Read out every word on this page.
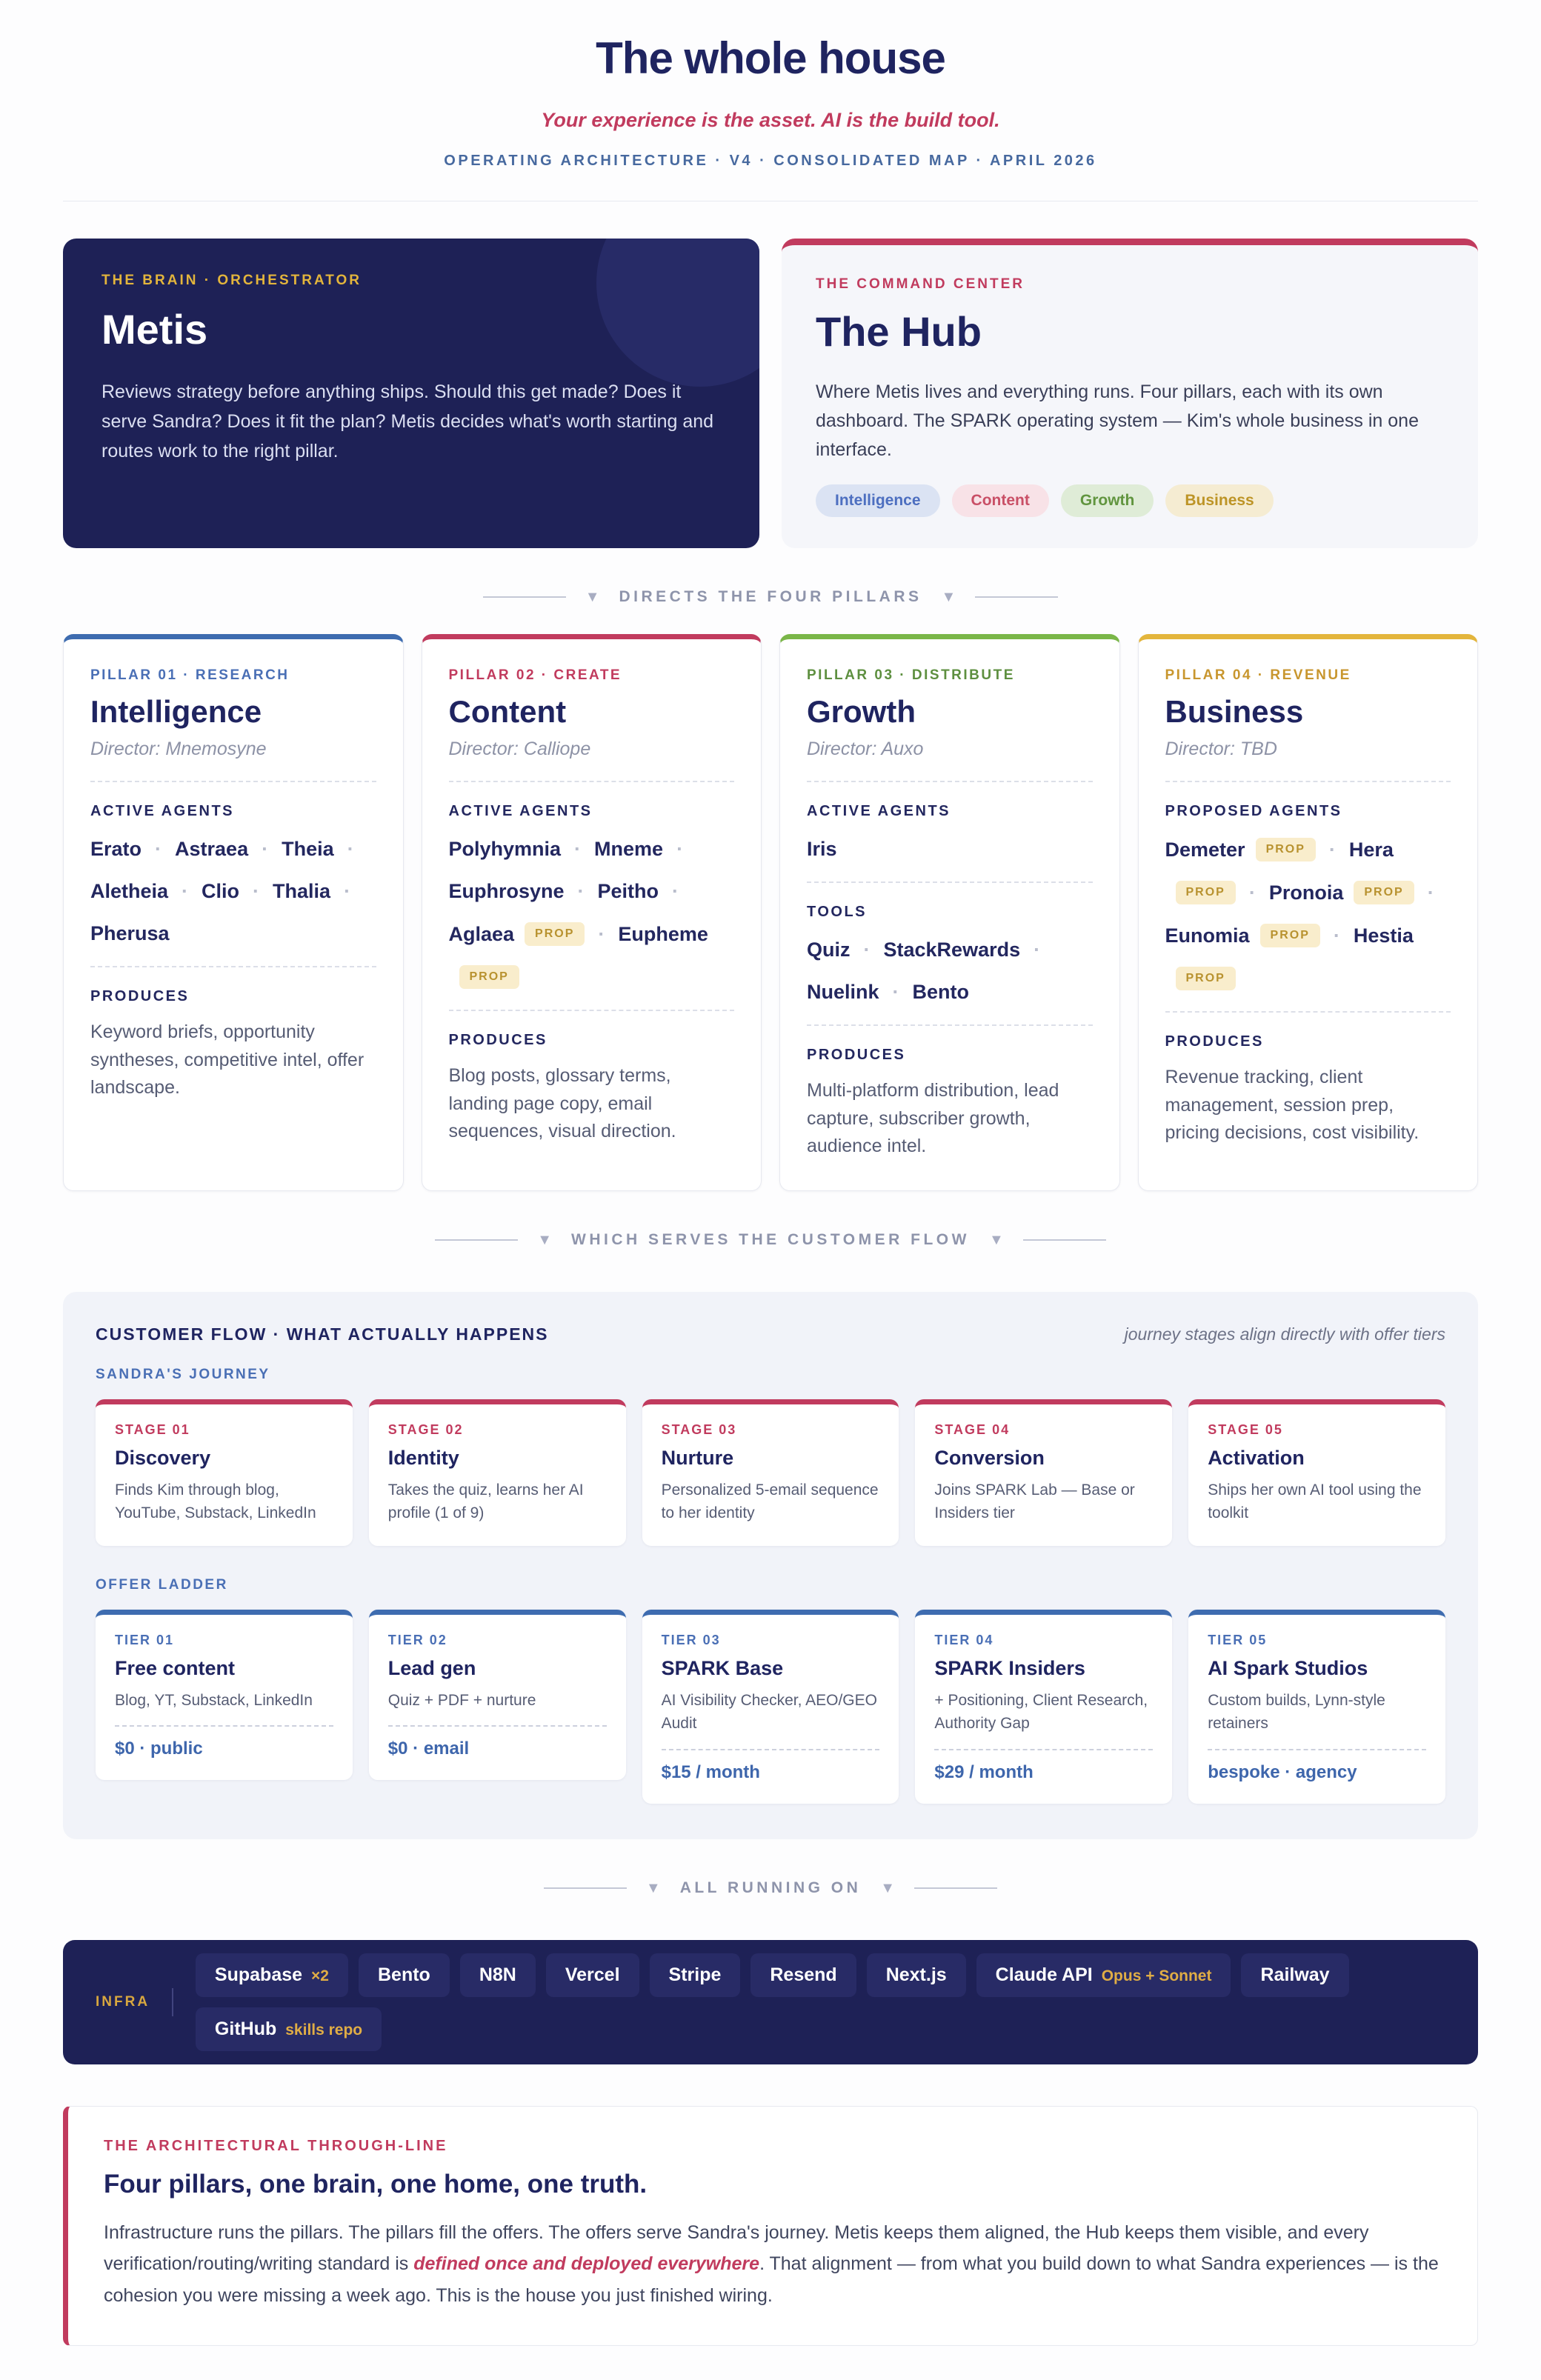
The whole house
Your experience is the asset. AI is the build tool.
OPERATING ARCHITECTURE · V4 · CONSOLIDATED MAP · APRIL 2026
THE BRAIN · ORCHESTRATOR
Metis

Reviews strategy before anything ships. Should this get made? Does it serve Sandra? Does it fit the plan? Metis decides what's worth starting and routes work to the right pillar.

THE COMMAND CENTER
The Hub

Where Metis lives and everything runs. Four pillars, each with its own dashboard. The SPARK operating system — Kim's whole business in one interface.

Intelligence	Content	Growth	Business
▼ DIRECTS THE FOUR PILLARS ▼
PILLAR 01 · RESEARCH
Intelligence
Director: Mnemosyne
ACTIVE AGENTS
Erato · Astraea · Theia ·
Aletheia · Clio · Thalia ·
Pherusa
PRODUCES

Keyword briefs, opportunity syntheses, competitive intel, offer landscape.

PILLAR 02 · CREATE
Content
Director: Calliope
ACTIVE AGENTS
Polyhymnia · Mneme ·
Euphrosyne · Peitho ·
Aglaea	PROP	· Eupheme
PROP
PRODUCES

Blog posts, glossary terms, landing page copy, email sequences, visual direction.

PILLAR 03 · DISTRIBUTE
Growth
Director: Auxo
ACTIVE AGENTS
Iris
TOOLS
Quiz · StackRewards ·
Nuelink · Bento
PRODUCES

Multi-platform distribution, lead capture, subscriber growth, audience intel.

PILLAR 04 · REVENUE
Business
Director: TBD
PROPOSED AGENTS
Demeter	PROP	· Hera
PROP	· Pronoia	PROP	·
Eunomia	PROP	· Hestia
PROP
PRODUCES

Revenue tracking, client management, session prep, pricing decisions, cost visibility.

▼ WHICH SERVES THE CUSTOMER FLOW ▼
CUSTOMER FLOW · WHAT ACTUALLY HAPPENS	journey stages align directly with offer tiers
SANDRA'S JOURNEY
STAGE 01
Discovery
Finds Kim through blog, YouTube, Substack, LinkedIn
STAGE 02
Identity
Takes the quiz, learns her AI profile (1 of 9)
STAGE 03
Nurture
Personalized 5-email sequence to her identity
STAGE 04
Conversion
Joins SPARK Lab — Base or Insiders tier
STAGE 05
Activation
Ships her own AI tool using the toolkit
OFFER LADDER
TIER 01
Free content
Blog, YT, Substack, LinkedIn
$0 · public
TIER 02
Lead gen
Quiz + PDF + nurture
$0 · email
TIER 03
SPARK Base
AI Visibility Checker, AEO/GEO Audit
$15 / month
TIER 04
SPARK Insiders
+ Positioning, Client Research, Authority Gap
$29 / month
TIER 05
AI Spark Studios
Custom builds, Lynn-style retainers
bespoke · agency
▼ ALL RUNNING ON ▼
INFRA
Supabase ×2	Bento	N8N	Vercel	Stripe	Resend	Next.js	Claude API Opus + Sonnet	Railway
GitHub skills repo
THE ARCHITECTURAL THROUGH-LINE
Four pillars, one brain, one home, one truth.

Infrastructure runs the pillars. The pillars fill the offers. The offers serve Sandra's journey. Metis keeps them aligned, the Hub keeps them visible, and every verification/routing/writing standard is defined once and deployed everywhere. That alignment — from what you build down to what Sandra experiences — is the cohesion you were missing a week ago. This is the house you just finished wiring.
